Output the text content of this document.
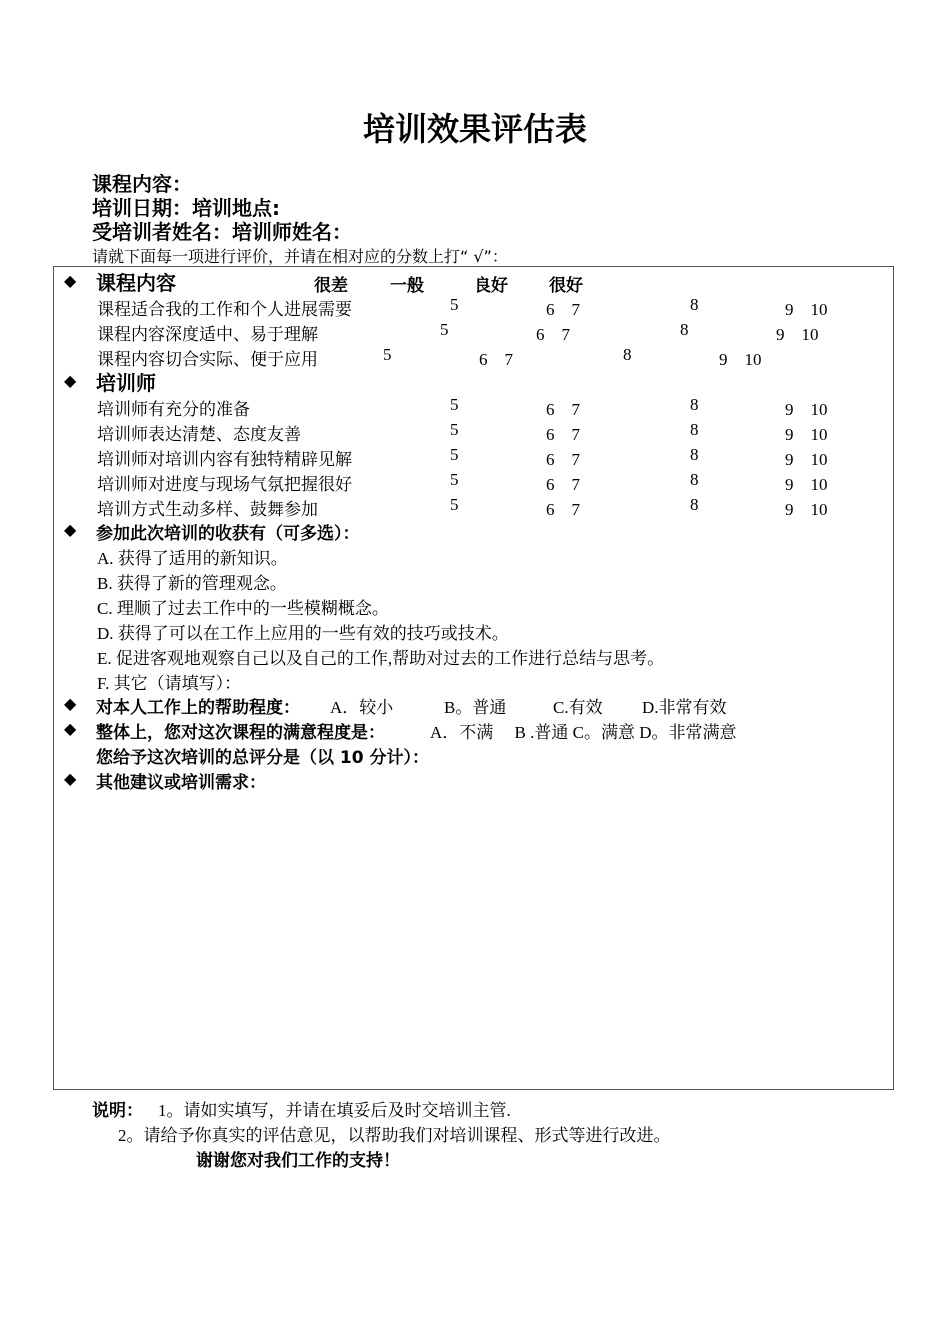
培训效果评估表
课程内容：
培训日期：培训地点:
受培训者姓名：培训师姓名：
请就下面每一项进行评价，并请在相对应的分数上打“ √”：
◆ 课程内容	很差 一般	良好 很好
课程适合我的工作和个人进展需要	5	6　7	8	9　10
课程内容深度适中、易于理解	5	6　7	8	9　10
课程内容切合实际、便于应用	5	6　7	8	9　10
◆ 培训师
培训师有充分的准备	5	6　7	8	9　10
培训师表达清楚、态度友善	5	6　7	8	9　10
培训师对培训内容有独特精辟见解	5	6　7	8	9　10
培训师对进度与现场气氛把握很好	5	6　7	8	9　10
培训方式生动多样、鼓舞参加	5	6　7	8	9　10
◆ 参加此次培训的收获有（可多选）：
A. 获得了适用的新知识。
B. 获得了新的管理观念。
C. 理顺了过去工作中的一些模糊概念。
D. 获得了可以在工作上应用的一些有效的技巧或技术。
E. 促进客观地观察自己以及自己的工作,帮助对过去的工作进行总结与思考。
F. 其它（请填写）：
◆ 对本人工作上的帮助程度： A．较小	B。普通	C.有效 D.非常有效
◆ 整体上，您对这次课程的满意程度是：	A．不满　 B .普通 C。满意 D。非常满意
您给予这次培训的总评分是（以 10 分计）：
◆ 其他建议或培训需求：
说明： 1。请如实填写，并请在填妥后及时交培训主管.
2。请给予你真实的评估意见，以帮助我们对培训课程、形式等进行改进。
谢谢您对我们工作的支持！
